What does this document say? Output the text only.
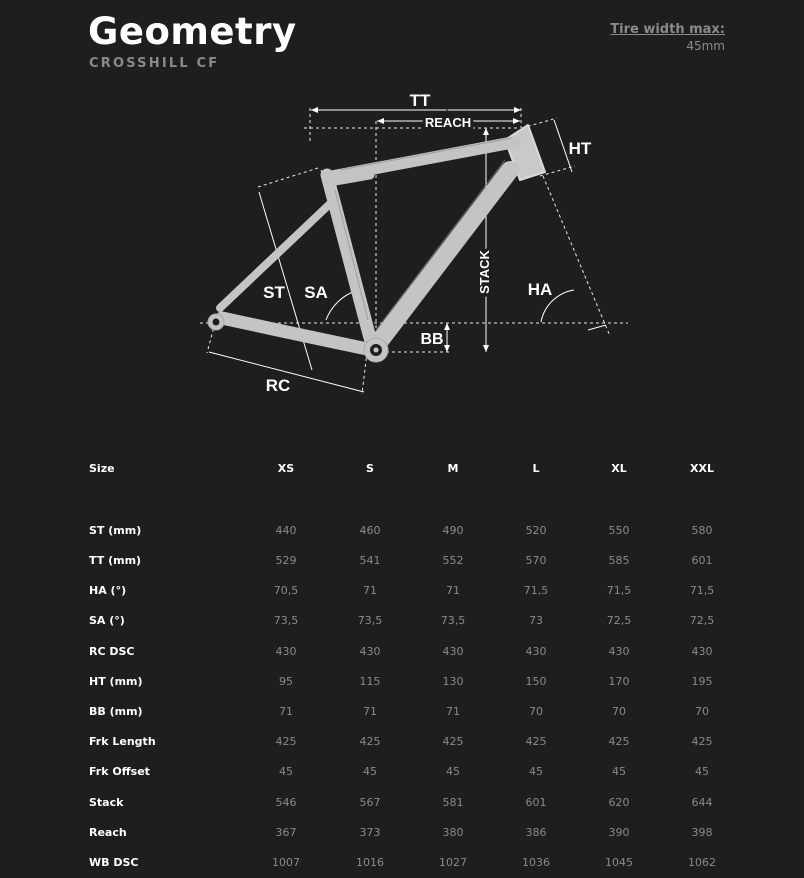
Geometry
CROSSHILL CF
Tire width max:
45mm
TT
REACH
HT
ST SA	STACK HA
BB
RC
Size	XS	S	M	L	XL	XXL
ST (mm)	440	460	490	520	550	580
TT (mm)	529	541	552	570	585	601
HA (°)	70,5	71	71	71,5	71,5	71,5
SA (°)	73,5	73,5	73,5	73	72,5	72,5
RC DSC	430	430	430	430	430	430
HT (mm)	95	115	130	150	170	195
BB (mm)	71	71	71	70	70	70
Frk Length	425	425	425	425	425	425
Frk Offset	45	45	45	45	45	45
Stack	546	567	581	601	620	644
Reach	367	373	380	386	390	398
WB DSC	1007	1016	1027	1036	1045	1062
